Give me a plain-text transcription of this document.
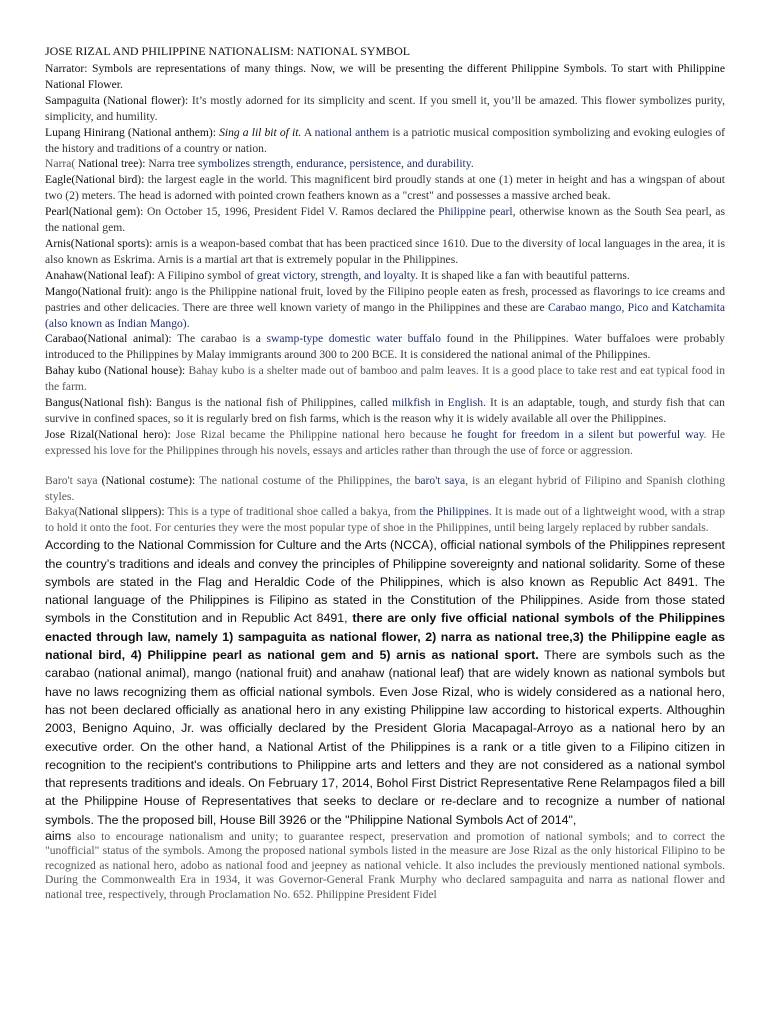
JOSE RIZAL AND PHILIPPINE NATIONALISM: NATIONAL SYMBOL

Narrator: Symbols are representations of many things. Now, we will be presenting the different Philippine Symbols. To start with Philippine National Flower.

Sampaguita (National flower): It’s mostly adorned for its simplicity and scent. If you smell it, you’ll be amazed. This flower symbolizes purity, simplicity, and humility.

Lupang Hinirang (National anthem): Sing a lil bit of it. A national anthem is a patriotic musical composition symbolizing and evoking eulogies of the history and traditions of a country or nation.

Narra( National tree): Narra tree symbolizes strength, endurance, persistence, and durability.

Eagle(National bird): the largest eagle in the world. This magnificent bird proudly stands at one (1) meter in height and has a wingspan of about two (2) meters. The head is adorned with pointed crown feathers known as a "crest" and possesses a massive arched beak.

Pearl(National gem): On October 15, 1996, President Fidel V. Ramos declared the Philippine pearl, otherwise known as the South Sea pearl, as the national gem.

Arnis(National sports): arnis is a weapon-based combat that has been practiced since 1610. Due to the diversity of local languages in the area, it is also known as Eskrima. Arnis is a martial art that is extremely popular in the Philippines.

Anahaw(National leaf): A Filipino symbol of great victory, strength, and loyalty. It is shaped like a fan with beautiful patterns.

Mango(National fruit): ango is the Philippine national fruit, loved by the Filipino people eaten as fresh, processed as flavorings to ice creams and pastries and other delicacies. There are three well known variety of mango in the Philippines and these are Carabao mango, Pico and Katchamita (also known as Indian Mango).

Carabao(National animal): The carabao is a swamp-type domestic water buffalo found in the Philippines. Water buffaloes were probably introduced to the Philippines by Malay immigrants around 300 to 200 BCE. It is considered the national animal of the Philippines.

Bahay kubo (National house): Bahay kubo is a shelter made out of bamboo and palm leaves. It is a good place to take rest and eat typical food in the farm.

Bangus(National fish): Bangus is the national fish of Philippines, called milkfish in English. It is an adaptable, tough, and sturdy fish that can survive in confined spaces, so it is regularly bred on fish farms, which is the reason why it is widely available all over the Philippines.

Jose Rizal(National hero): Jose Rizal became the Philippine national hero because he fought for freedom in a silent but powerful way. He expressed his love for the Philippines through his novels, essays and articles rather than through the use of force or aggression.

Baro't saya (National costume): The national costume of the Philippines, the baro't saya, is an elegant hybrid of Filipino and Spanish clothing styles.

Bakya(National slippers): This is a type of traditional shoe called a bakya, from the Philippines. It is made out of a lightweight wood, with a strap to hold it onto the foot. For centuries they were the most popular type of shoe in the Philippines, until being largely replaced by rubber sandals.

According to the National Commission for Culture and the Arts (NCCA), official national symbols of the Philippines represent the country’s traditions and ideals and convey the principles of Philippine sovereignty and national solidarity. Some of these symbols are stated in the Flag and Heraldic Code of the Philippines, which is also known as Republic Act 8491. The national language of the Philippines is Filipino as stated in the Constitution of the Philippines. Aside from those stated symbols in the Constitution and in Republic Act 8491, there are only five official national symbols of the Philippines enacted through law, namely 1) sampaguita as national flower, 2) narra as national tree,3) the Philippine eagle as national bird, 4) Philippine pearl as national gem and 5) arnis as national sport. There are symbols such as the carabao (national animal), mango (national fruit) and anahaw (national leaf) that are widely known as national symbols but have no laws recognizing them as official national symbols. Even Jose Rizal, who is widely considered as a national hero, has not been declared officially as anational hero in any existing Philippine law according to historical experts. Althoughin 2003, Benigno Aquino, Jr. was officially declared by the President Gloria Macapagal-Arroyo as a national hero by an executive order. On the other hand, a National Artist of the Philippines is a rank or a title given to a Filipino citizen in recognition to the recipient's contributions to Philippine arts and letters and they are not considered as a national symbol that represents traditions and ideals. On February 17, 2014, Bohol First District Representative Rene Relampagos filed a bill at the Philippine House of Representatives that seeks to declare or re-declare and to recognize a number of national symbols. The the proposed bill, House Bill 3926 or the "Philippine National Symbols Act of 2014",

aims also to encourage nationalism and unity; to guarantee respect, preservation and promotion of national symbols; and to correct the "unofficial" status of the symbols. Among the proposed national symbols listed in the measure are Jose Rizal as the only historical Filipino to be recognized as national hero, adobo as national food and jeepney as national vehicle. It also includes the previously mentioned national symbols. During the Commonwealth Era in 1934, it was Governor-General Frank Murphy who declared sampaguita and narra as national flower and national tree, respectively, through Proclamation No. 652. Philippine President Fidel
